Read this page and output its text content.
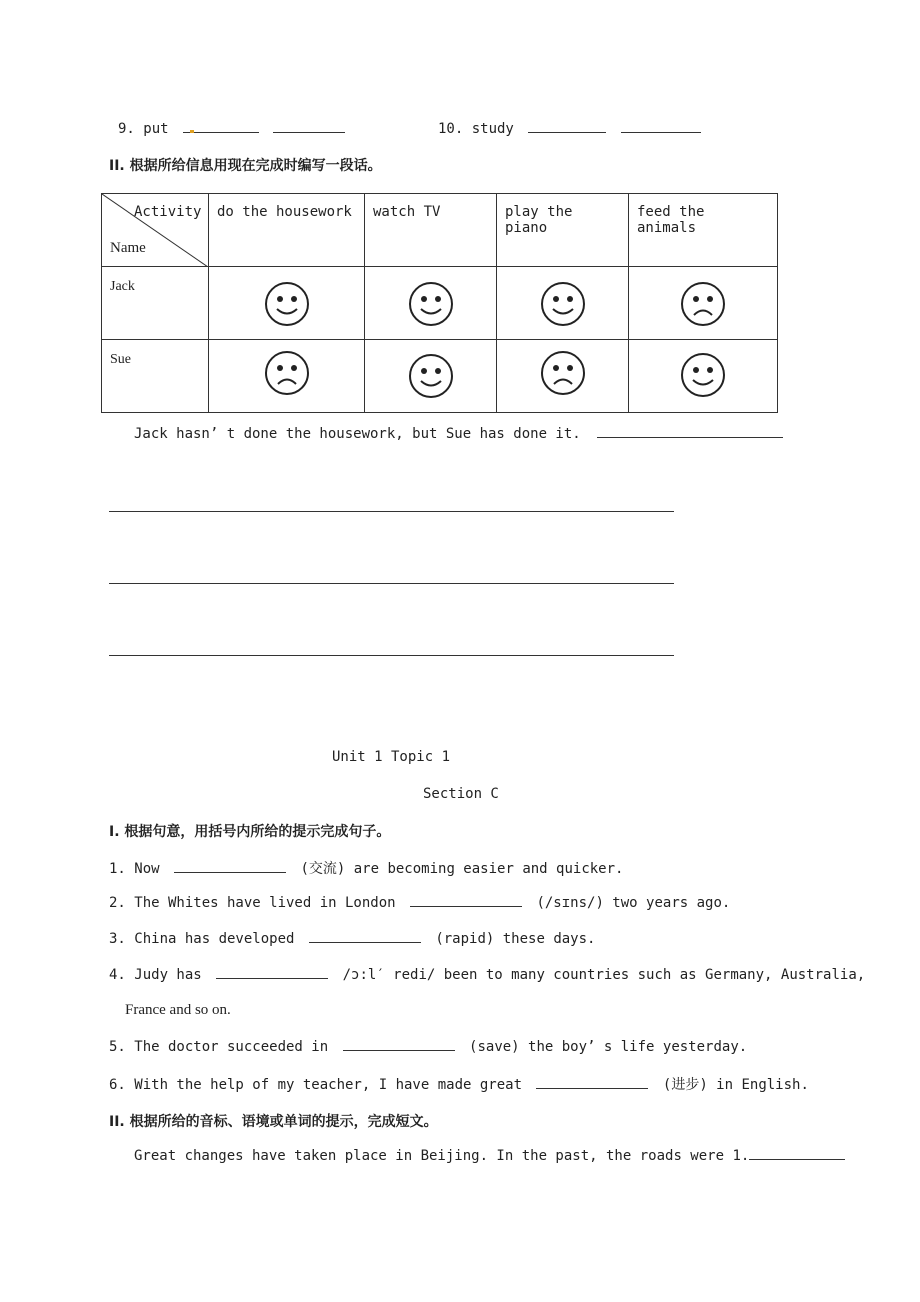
9. put	10. study
II. 根据所给信息用现在完成时编写一段话。
Activity
Name	do the housework	watch TV	play the piano	feed the animals

Jack

Sue

Jack hasn’ t done the housework, but Sue has done it.
Unit 1 Topic 1
Section C
I. 根据句意，用括号内所给的提示完成句子。
1. Now	(交流) are becoming easier and quicker.
2. The Whites have lived in London	(/sɪns/) two years ago.
3. China has developed	(rapid) these days.
4. Judy has	/ɔ:l′ redi/ been to many countries such as Germany, Australia,
France and so on.
5. The doctor succeeded in	(save) the boy’ s life yesterday.
6. With the help of my teacher, I have made great	(进步) in English.
II. 根据所给的音标、语境或单词的提示，完成短文。
Great changes have taken place in Beijing. In the past, the roads were 1.
